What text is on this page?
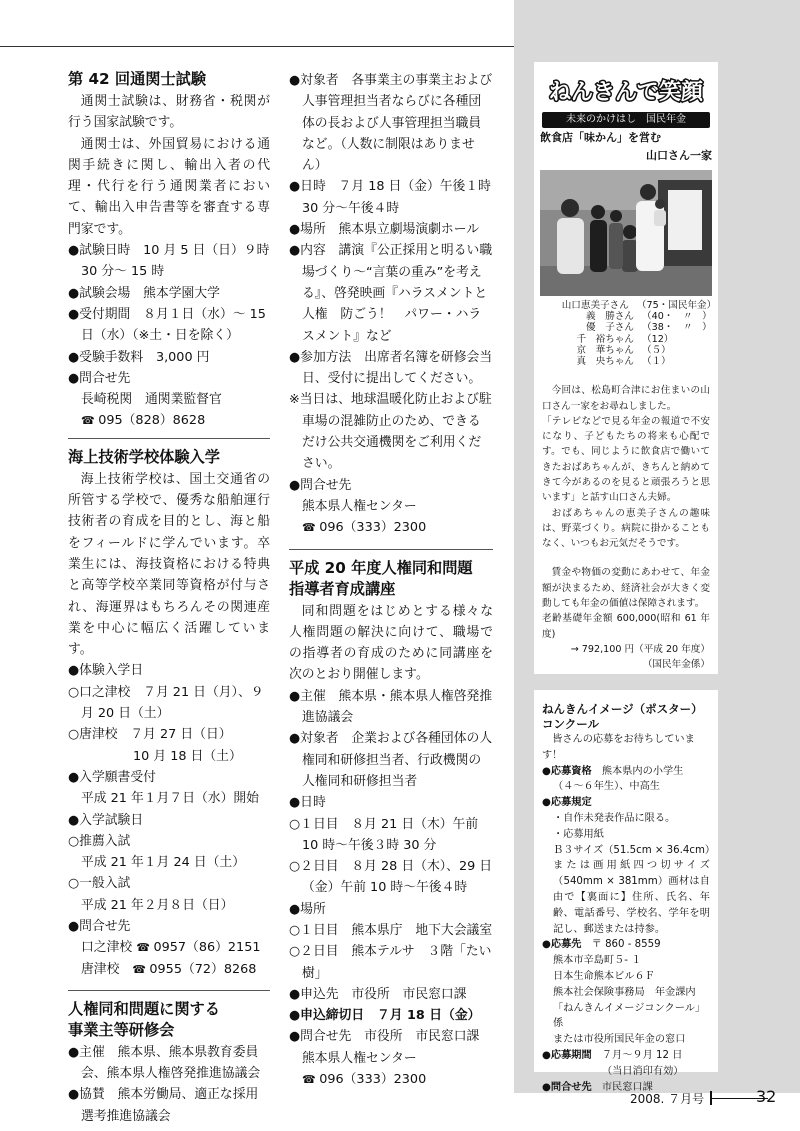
第 42 回通関士試験

通関士試験は、財務省・税関が行う国家試験です。

通関士は、外国貿易における通関手続きに関し、輸出入者の代理・代行を行う通関業者において、輸出入申告書等を審査する専門家です。

●試験日時　 10 月 5 日（日）９時 30 分～ 15 時

●試験会場　 熊本学園大学

●受付期間　 ８月１日（水）～ 15 日（水）（※土・日を除く）

●受験手数料　 3,000 円

●問合せ先

長崎税関　通関業監督官

☎ 095（828）8628

海上技術学校体験入学

海上技術学校は、国土交通省の所管する学校で、優秀な船舶運行技術者の育成を目的とし、海と船をフィールドに学んでいます。卒業生には、海技資格における特典と高等学校卒業同等資格が付与され、海運界はもちろんその関連産業を中心に幅広く活躍しています。

●体験入学日

○口之津校　７月 21 日（月）、９月 20 日（土）

○唐津校　７月 27 日（日）

10 月 18 日（土）

●入学願書受付

平成 21 年１月７日（水）開始

●入学試験日

○推薦入試

平成 21 年１月 24 日（土）

○一般入試

平成 21 年２月８日（日）

●問合せ先

口之津校 ☎ 0957（86）2151

唐津校　 ☎ 0955（72）8268

人権同和問題に関する
事業主等研修会

●主催　熊本県、熊本県教育委員会、熊本県人権啓発推進協議会

●協賛　熊本労働局、適正な採用選考推進協議会

●対象者　各事業主の事業主および人事管理担当者ならびに各種団体の長および人事管理担当職員など。（人数に制限はありません）

●日時　７月 18 日（金）午後１時 30 分～午後４時

●場所　熊本県立劇場演劇ホール

●内容　講演『公正採用と明るい職場づくり～“言葉の重み”を考える』、啓発映画『ハラスメントと人権　防ごう！　パワー・ハラスメント』など

●参加方法　出席者名簿を研修会当日、受付に提出してください。

※当日は、地球温暖化防止および駐車場の混雑防止のため、できるだけ公共交通機関をご利用ください。

●問合せ先

熊本県人権センター

☎ 096（333）2300

平成 20 年度人権同和問題
指導者育成講座

同和問題をはじめとする様々な人権問題の解決に向けて、職場での指導者の育成のために同講座を次のとおり開催します。

●主催　熊本県・熊本県人権啓発推進協議会

●対象者　企業および各種団体の人権同和研修担当者、行政機関の人権同和研修担当者

●日時

○１日目　８月 21 日（木）午前 10 時～午後３時 30 分

○２日目　８月 28 日（木）、29 日（金）午前 10 時～午後４時

●場所

○１日目　熊本県庁　地下大会議室

○２日目　熊本テルサ　３階「たい樹」

●申込先　市役所　市民窓口課

●申込締切日　７月 18 日（金）

●問合せ先　市役所　市民窓口課

熊本県人権センター

☎ 096（333）2300

ねんきんで笑顔
未来のかけはし　国民年金
飲食店「味かん」を営む
山口さん一家
山口恵美子さん （75・国民年金）
義　勝さん （40・　〃　）
優　子さん （38・　〃　）
千　裕ちゃん （12）
京　華ちゃん （５）
真　央ちゃん （１）

今回は、松島町合津にお住まいの山口さん一家をお尋ねしました。

「テレビなどで見る年金の報道で不安になり、子どもたちの将来も心配です。でも、同じように飲食店で働いてきたおばあちゃんが、きちんと納めてきて今があるのを見ると頑張ろうと思います」と話す山口さん夫婦。

おばあちゃんの恵美子さんの趣味は、野菜づくり。病院に掛かることもなく、いつもお元気だそうです。

賃金や物価の変動にあわせて、年金額が決まるため、経済社会が大きく変動しても年金の価値は保障されます。

老齢基礎年金額 600,000(昭和 61 年度)

→ 792,100 円（平成 20 年度）

（国民年金係）

ねんきんイメージ（ポスター）
コンクール
皆さんの応募をお待ちしています！
●応募資格　 熊本県内の小学生
（４～６年生）、中高生
●応募規定
・自作未発表作品に限る。
・応募用紙
Ｂ３サイズ（51.5cm × 36.4cm）または画用紙四つ切サイズ（540mm × 381mm）画材は自由で【裏面に】住所、氏名、年齢、電話番号、学校名、学年を明記し、郵送または持参。
●応募先　 〒 860 - 8559
熊本市辛島町５- １
日本生命熊本ビル６Ｆ
熊本社会保険事務局　年金課内
「ねんきんイメージコンクール」係
または市役所国民年金の窓口
●応募期間　 ７月～９月 12 日
（当日消印有効）
●問合せ先　 市民窓口課
2008. ７月号	32
